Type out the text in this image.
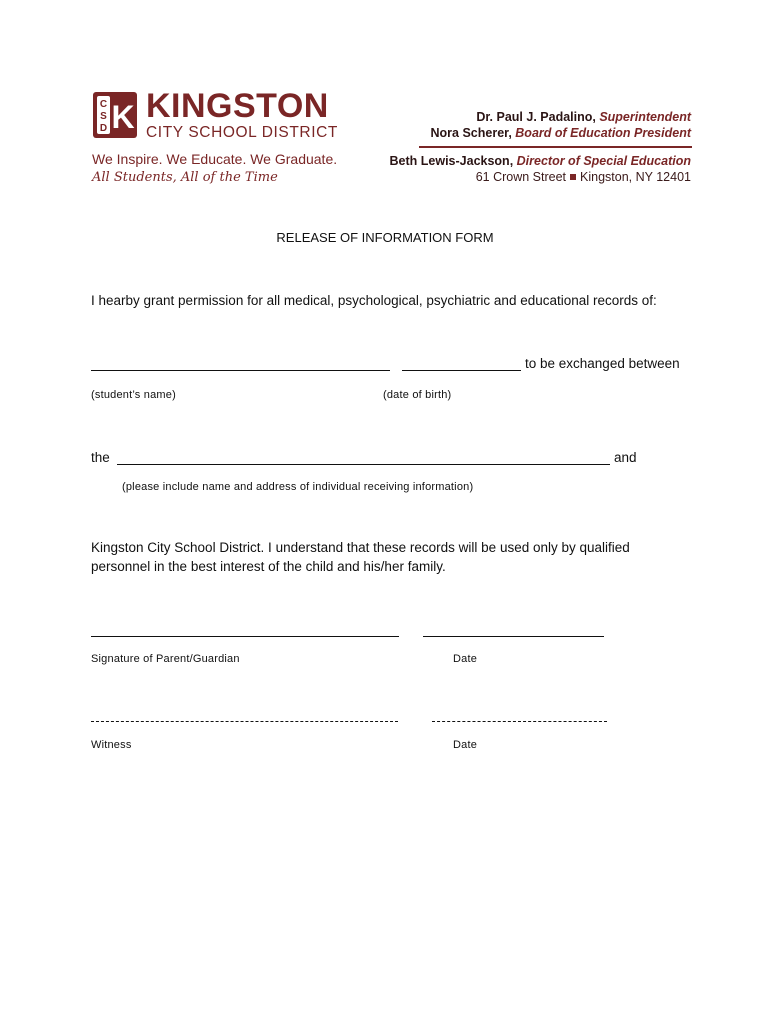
C
S
D K KINGSTON
CITY SCHOOL DISTRICT
We Inspire. We Educate. We Graduate.
All Students, All of the Time
Dr. Paul J. Padalino, Superintendent
Nora Scherer, Board of Education President
Beth Lewis-Jackson, Director of Special Education
61 Crown Street Kingston, NY 12401
RELEASE OF INFORMATION FORM
I hearby grant permission for all medical, psychological, psychiatric and educational records of:
to be exchanged between
(student’s name)	(date of birth)
the	and
(please include name and address of individual receiving information)
Kingston City School District. I understand that these records will be used only by qualified
personnel in the best interest of the child and his/her family.
Signature of Parent/Guardian	Date
Witness	Date
